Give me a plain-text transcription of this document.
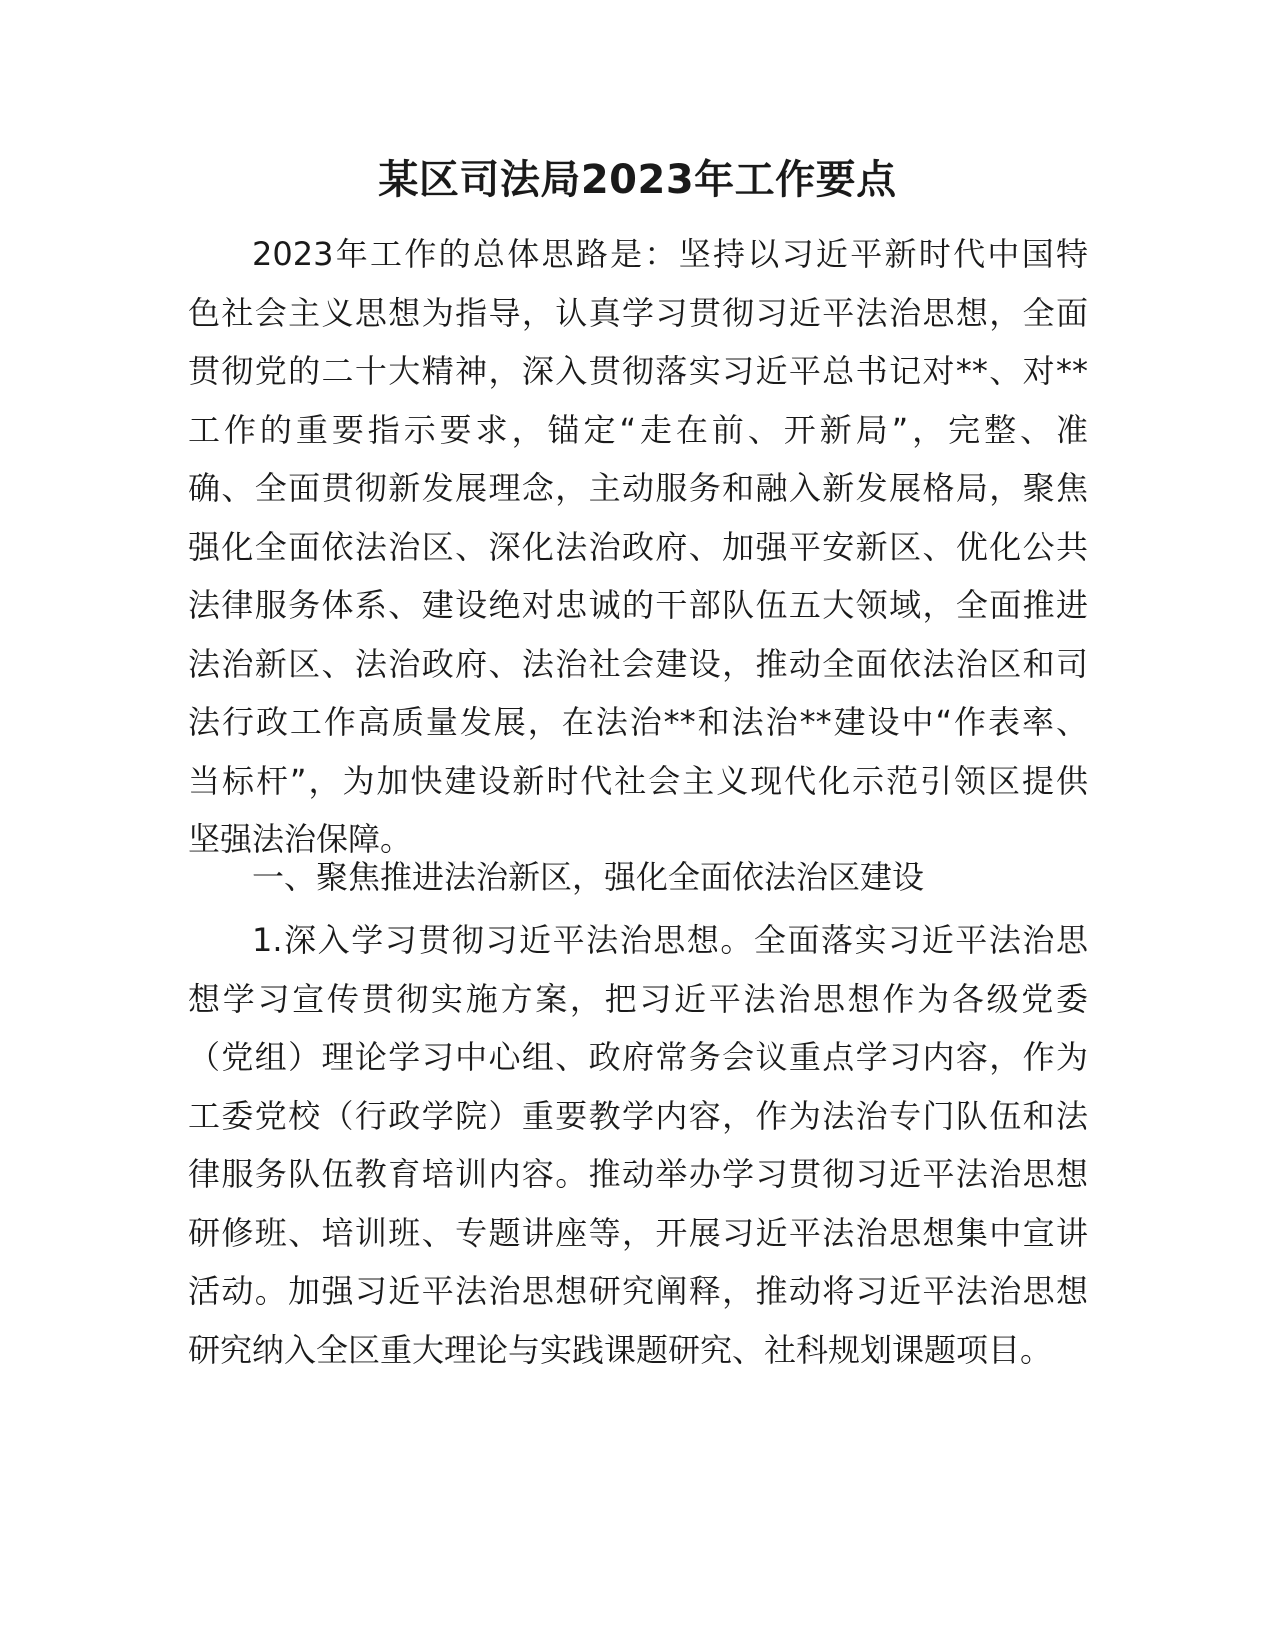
某区司法局2023年工作要点
2023年工作的总体思路是：坚持以习近平新时代中国特
色社会主义思想为指导，认真学习贯彻习近平法治思想，全面
贯彻党的二十大精神，深入贯彻落实习近平总书记对**、对**
工作的重要指示要求，锚定“走在前、开新局”，完整、准
确、全面贯彻新发展理念，主动服务和融入新发展格局，聚焦
强化全面依法治区、深化法治政府、加强平安新区、优化公共
法律服务体系、建设绝对忠诚的干部队伍五大领域，全面推进
法治新区、法治政府、法治社会建设，推动全面依法治区和司
法行政工作高质量发展，在法治**和法治**建设中“作表率、
当标杆”，为加快建设新时代社会主义现代化示范引领区提供
坚强法治保障。
一、聚焦推进法治新区，强化全面依法治区建设
1.深入学习贯彻习近平法治思想。全面落实习近平法治思
想学习宣传贯彻实施方案，把习近平法治思想作为各级党委
（党组）理论学习中心组、政府常务会议重点学习内容，作为
工委党校（行政学院）重要教学内容，作为法治专门队伍和法
律服务队伍教育培训内容。推动举办学习贯彻习近平法治思想
研修班、培训班、专题讲座等，开展习近平法治思想集中宣讲
活动。加强习近平法治思想研究阐释，推动将习近平法治思想
研究纳入全区重大理论与实践课题研究、社科规划课题项目。
